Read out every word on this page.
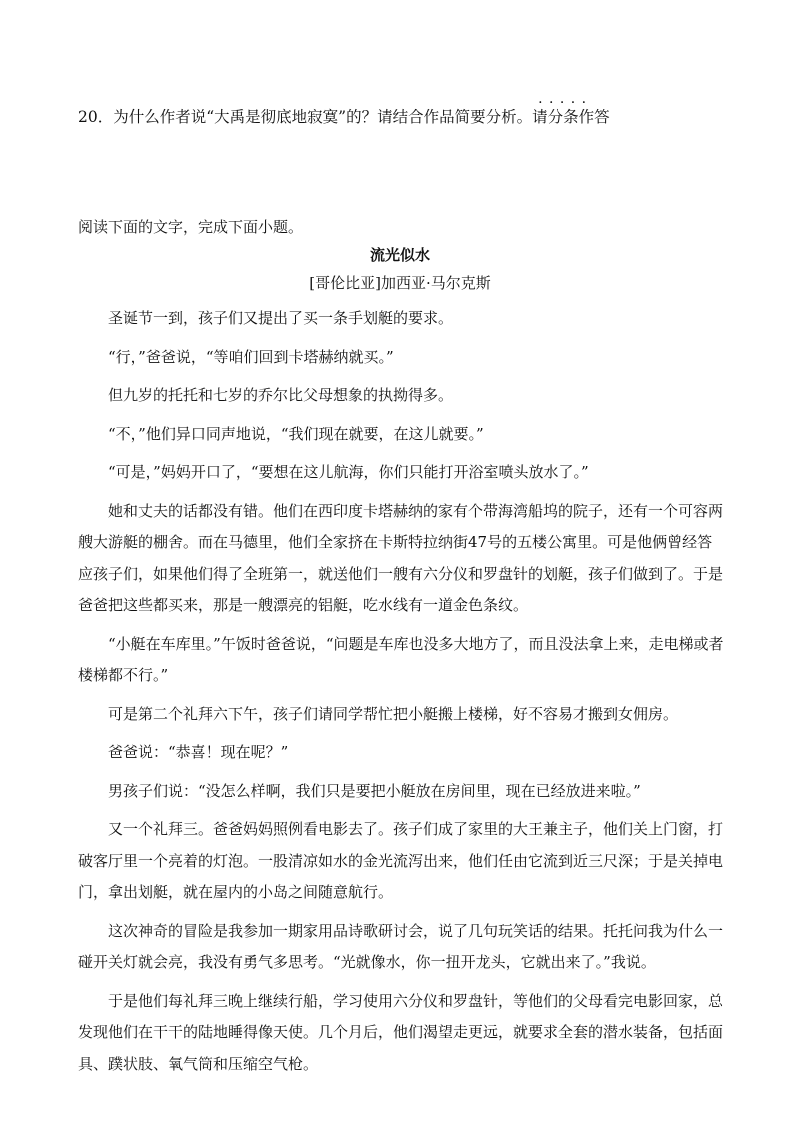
20．为什么作者说“大禹是彻底地寂寞”的？请结合作品简要分析。· · · 请分条作答
阅读下面的文字，完成下面小题。
流光似水
[哥伦比亚]加西亚·马尔克斯

圣诞节一到，孩子们又提出了买一条手划艇的要求。

“行，”爸爸说，“等咱们回到卡塔赫纳就买。”

但九岁的托托和七岁的乔尔比父母想象的执拗得多。

“不，”他们异口同声地说，“我们现在就要，在这儿就要。”

“可是，”妈妈开口了，“要想在这儿航海，你们只能打开浴室喷头放水了。”

她和丈夫的话都没有错。他们在西印度卡塔赫纳的家有个带海湾船坞的院子，还有一个可容两艘大游艇的棚舍。而在马德里，他们全家挤在卡斯特拉纳街47号的五楼公寓里。可是他俩曾经答应孩子们，如果他们得了全班第一，就送他们一艘有六分仪和罗盘针的划艇，孩子们做到了。于是爸爸把这些都买来，那是一艘漂亮的铝艇，吃水线有一道金色条纹。

“小艇在车库里。”午饭时爸爸说，“问题是车库也没多大地方了，而且没法拿上来，走电梯或者楼梯都不行。”

可是第二个礼拜六下午，孩子们请同学帮忙把小艇搬上楼梯，好不容易才搬到女佣房。

爸爸说：“恭喜！现在呢？”

男孩子们说：“没怎么样啊，我们只是要把小艇放在房间里，现在已经放进来啦。”

又一个礼拜三。爸爸妈妈照例看电影去了。孩子们成了家里的大王兼主子，他们关上门窗，打破客厅里一个亮着的灯泡。一股清凉如水的金光流泻出来，他们任由它流到近三尺深；于是关掉电门，拿出划艇，就在屋内的小岛之间随意航行。

这次神奇的冒险是我参加一期家用品诗歌研讨会，说了几句玩笑话的结果。托托问我为什么一碰开关灯就会亮，我没有勇气多思考。“光就像水，你一扭开龙头，它就出来了。”我说。

于是他们每礼拜三晚上继续行船，学习使用六分仪和罗盘针，等他们的父母看完电影回家，总发现他们在干干的陆地睡得像天使。几个月后，他们渴望走更远，就要求全套的潜水装备，包括面具、蹼状肢、氧气筒和压缩空气枪。
